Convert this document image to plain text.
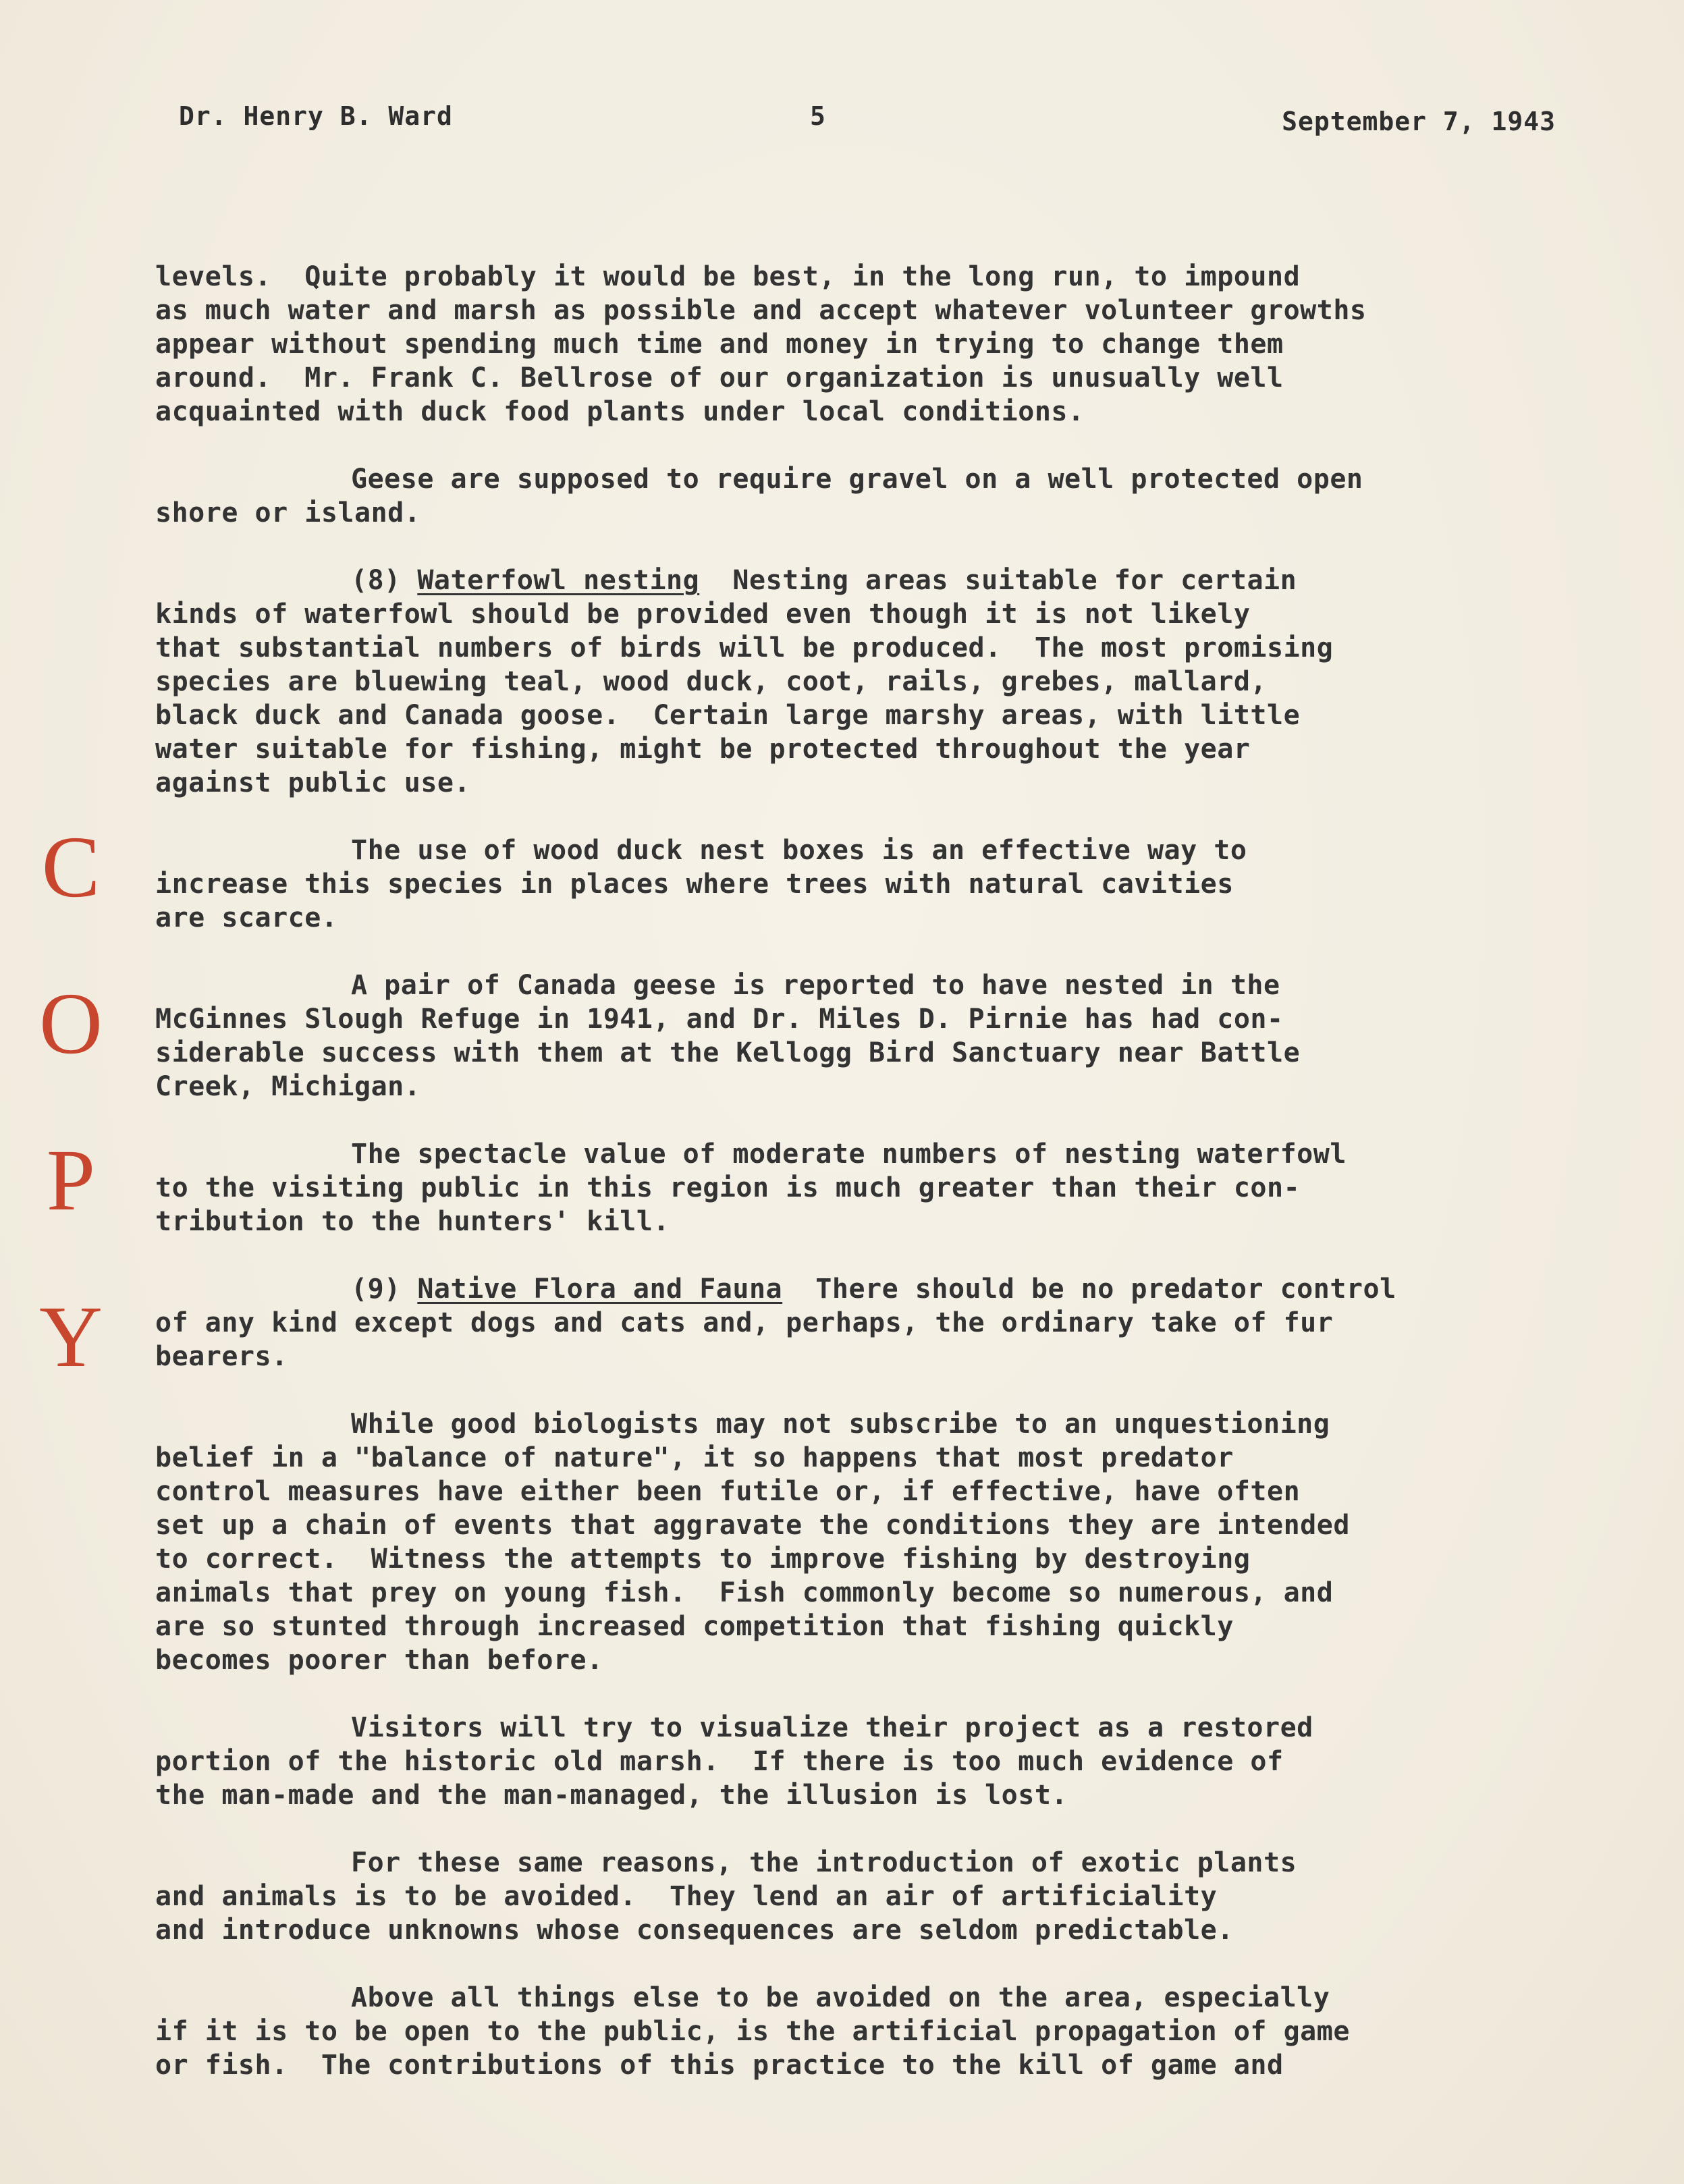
Dr. Henry B. Ward	5	September 7, 1943
C
O
P
Y
levels.  Quite probably it would be best, in the long run, to impound
as much water and marsh as possible and accept whatever volunteer growths
appear without spending much time and money in trying to change them
around.  Mr. Frank C. Bellrose of our organization is unusually well
acquainted with duck food plants under local conditions.
Geese are supposed to require gravel on a well protected open
shore or island.
(8) Waterfowl nesting  Nesting areas suitable for certain
kinds of waterfowl should be provided even though it is not likely
that substantial numbers of birds will be produced.  The most promising
species are bluewing teal, wood duck, coot, rails, grebes, mallard,
black duck and Canada goose.  Certain large marshy areas, with little
water suitable for fishing, might be protected throughout the year
against public use.
The use of wood duck nest boxes is an effective way to
increase this species in places where trees with natural cavities
are scarce.
A pair of Canada geese is reported to have nested in the
McGinnes Slough Refuge in 1941, and Dr. Miles D. Pirnie has had con-
siderable success with them at the Kellogg Bird Sanctuary near Battle
Creek, Michigan.
The spectacle value of moderate numbers of nesting waterfowl
to the visiting public in this region is much greater than their con-
tribution to the hunters' kill.
(9) Native Flora and Fauna  There should be no predator control
of any kind except dogs and cats and, perhaps, the ordinary take of fur
bearers.
While good biologists may not subscribe to an unquestioning
belief in a "balance of nature", it so happens that most predator
control measures have either been futile or, if effective, have often
set up a chain of events that aggravate the conditions they are intended
to correct.  Witness the attempts to improve fishing by destroying
animals that prey on young fish.  Fish commonly become so numerous, and
are so stunted through increased competition that fishing quickly
becomes poorer than before.
Visitors will try to visualize their project as a restored
portion of the historic old marsh.  If there is too much evidence of
the man-made and the man-managed, the illusion is lost.
For these same reasons, the introduction of exotic plants
and animals is to be avoided.  They lend an air of artificiality
and introduce unknowns whose consequences are seldom predictable.
Above all things else to be avoided on the area, especially
if it is to be open to the public, is the artificial propagation of game
or fish.  The contributions of this practice to the kill of game and
